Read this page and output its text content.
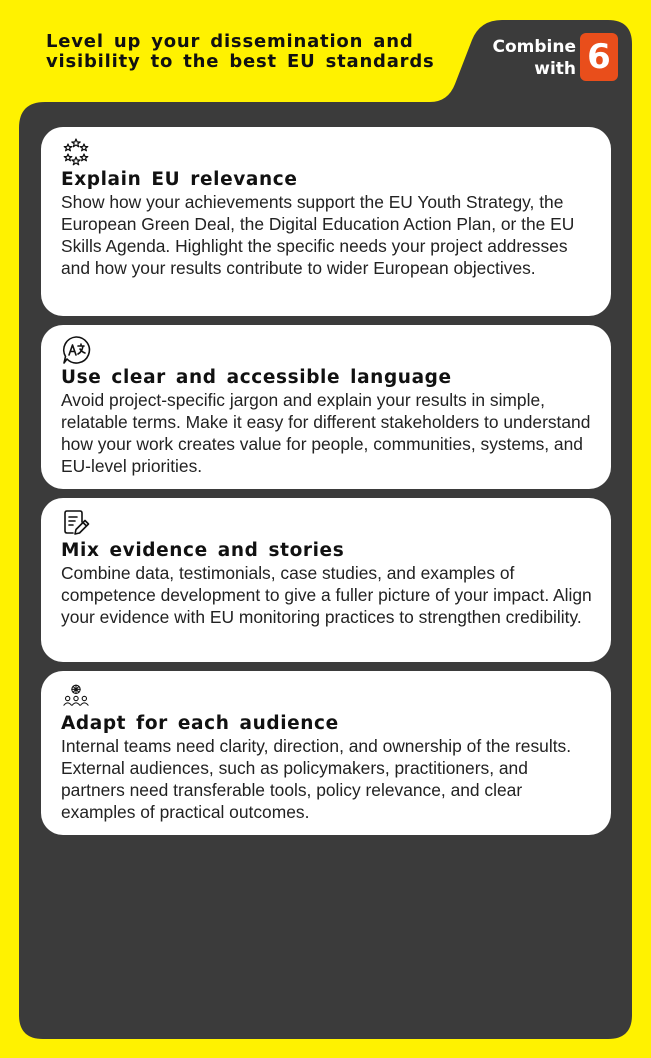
Level up your dissemination and visibility to the best EU standards
Combine with 6
Explain EU relevance

Show how your achievements support the EU Youth Strategy, the European Green Deal, the Digital Education Action Plan, or the EU Skills Agenda. Highlight the specific needs your project addresses and how your results contribute to wider European objectives.

Use clear and accessible language

Avoid project-specific jargon and explain your results in simple, relatable terms. Make it easy for different stakeholders to understand how your work creates value for people, communities, systems, and EU-level priorities.

Mix evidence and stories

Combine data, testimonials, case studies, and examples of competence development to give a fuller picture of your impact. Align your evidence with EU monitoring practices to strengthen credibility.

Adapt for each audience

Internal teams need clarity, direction, and ownership of the results. External audiences, such as policymakers, practitioners, and partners need transferable tools, policy relevance, and clear examples of practical outcomes.
